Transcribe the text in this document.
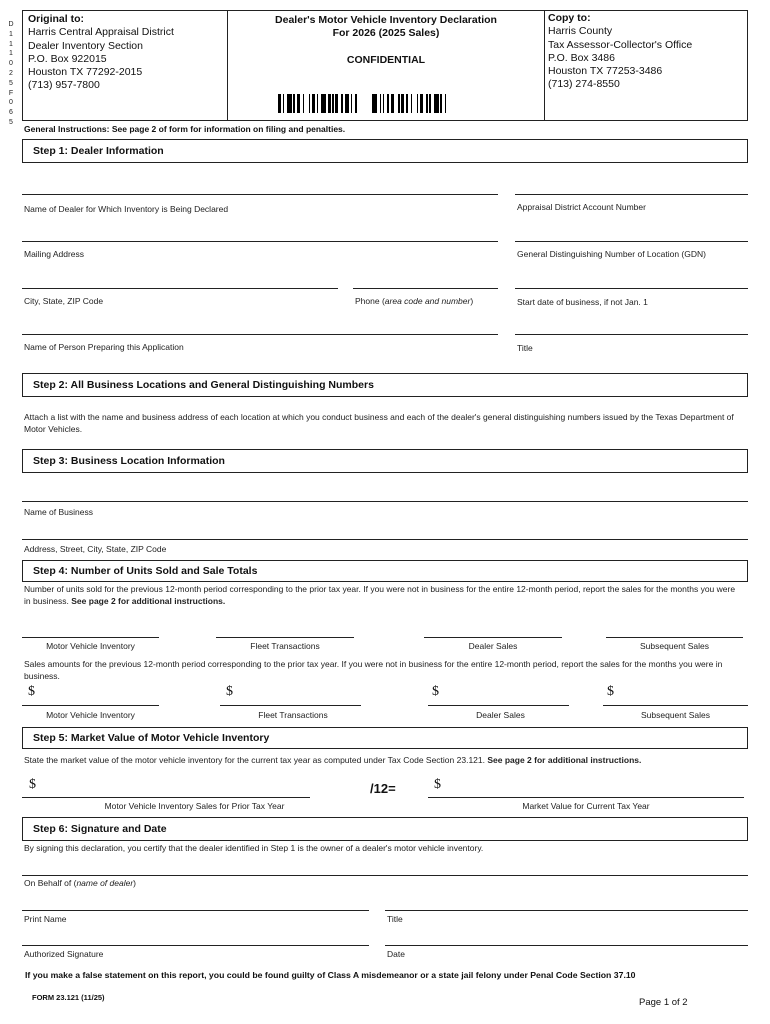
D
1
1
1
0
2
5
F
0
6
5
Original to:
Harris Central Appraisal District
Dealer Inventory Section
P.O. Box 922015
Houston TX 77292-2015
(713) 957-7800
Dealer's Motor Vehicle Inventory Declaration
For 2026 (2025 Sales)
CONFIDENTIAL
Copy to:
Harris County
Tax Assessor-Collector's Office
P.O. Box 3486
Houston TX 77253-3486
(713) 274-8550
General Instructions: See page 2 of form for information on filing and penalties.
Step 1: Dealer Information
Name of Dealer for Which Inventory is Being Declared	Appraisal District Account Number
Mailing Address	General Distinguishing Number of Location (GDN)
City, State, ZIP Code	Phone (area code and number)	Start date of business, if not Jan. 1
Name of Person Preparing this Application	Title
Step 2: All Business Locations and General Distinguishing Numbers
Attach a list with the name and business address of each location at which you conduct business and each of the dealer's general distinguishing numbers issued by the Texas Department of Motor Vehicles.
Step 3: Business Location Information
Name of Business
Address, Street, City, State, ZIP Code
Step 4: Number of Units Sold and Sale Totals
Number of units sold for the previous 12-month period corresponding to the prior tax year. If you were not in business for the entire 12-month period, report the sales for the months you were in business. See page 2 for additional instructions.
Motor Vehicle Inventory	Fleet Transactions	Dealer Sales	Subsequent Sales
Sales amounts for the previous 12-month period corresponding to the prior tax year. If you were not in business for the entire 12-month period, report the sales for the months you were in business.
$
Motor Vehicle Inventory
$
Fleet Transactions
$
Dealer Sales
$
Subsequent Sales
Step 5: Market Value of Motor Vehicle Inventory
State the market value of the motor vehicle inventory for the current tax year as computed under Tax Code Section 23.121. See page 2 for additional instructions.
$
Motor Vehicle Inventory Sales for Prior Tax Year
/12=	$
Market Value for Current Tax Year
Step 6: Signature and Date
By signing this declaration, you certify that the dealer identified in Step 1 is the owner of a dealer's motor vehicle inventory.
On Behalf of (name of dealer)
Print Name	Title
Authorized Signature	Date
If you make a false statement on this report, you could be found guilty of Class A misdemeanor or a state jail felony under Penal Code Section 37.10
FORM 23.121 (11/25)	Page 1 of 2
